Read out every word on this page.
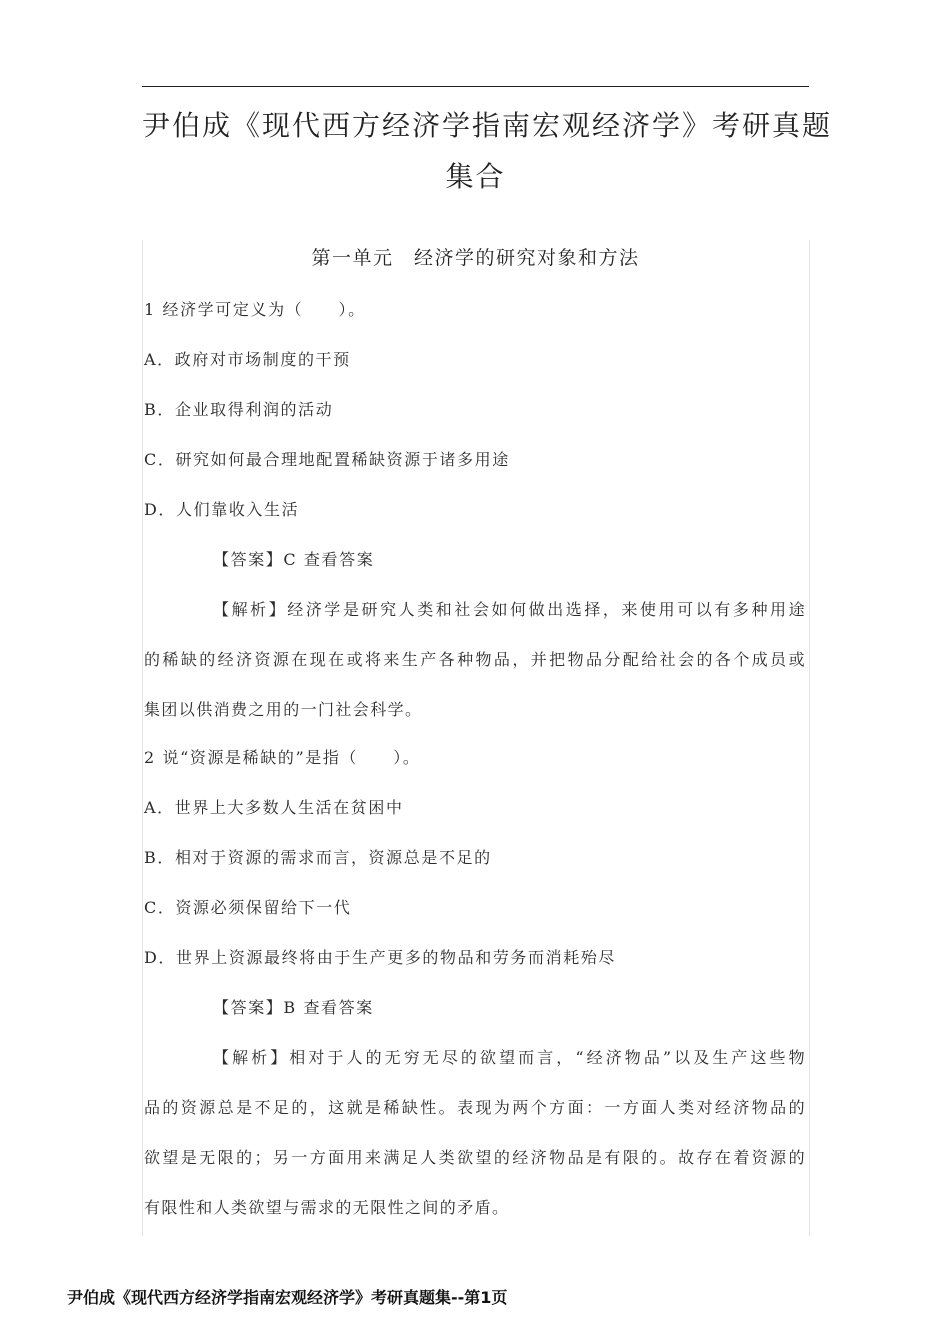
尹伯成《现代西方经济学指南宏观经济学》考研真题
集合
第一单元　经济学的研究对象和方法
1 经济学可定义为（　　）。
A．政府对市场制度的干预
B．企业取得利润的活动
C．研究如何最合理地配置稀缺资源于诸多用途
D．人们靠收入生活
【答案】C 查看答案
【解析】经济学是研究人类和社会如何做出选择，来使用可以有多种用途
的稀缺的经济资源在现在或将来生产各种物品，并把物品分配给社会的各个成员或
集团以供消费之用的一门社会科学。
2 说“资源是稀缺的”是指（　　）。
A．世界上大多数人生活在贫困中
B．相对于资源的需求而言，资源总是不足的
C．资源必须保留给下一代
D．世界上资源最终将由于生产更多的物品和劳务而消耗殆尽
【答案】B 查看答案
【解析】相对于人的无穷无尽的欲望而言，“经济物品”以及生产这些物
品的资源总是不足的，这就是稀缺性。表现为两个方面：一方面人类对经济物品的
欲望是无限的；另一方面用来满足人类欲望的经济物品是有限的。故存在着资源的
有限性和人类欲望与需求的无限性之间的矛盾。
尹伯成《现代西方经济学指南宏观经济学》考研真题集--第1页
